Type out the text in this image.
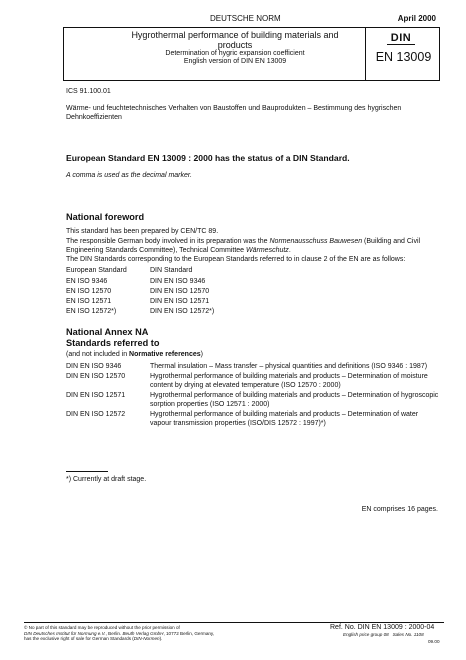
DEUTSCHE NORM	April 2000
Hygrothermal performance of building materials and
products
Determination of hygric expansion coefficient
English version of DIN EN 13009
DIN
EN 13009
ICS 91.100.01
Wärme- und feuchtetechnisches Verhalten von Baustoffen und Bauprodukten – Bestimmung des hygrischen Dehnkoeffizienten
European Standard EN 13009 : 2000 has the status of a DIN Standard.
A comma is used as the decimal marker.
National foreword
This standard has been prepared by CEN/TC 89.
The responsible German body involved in its preparation was the Normenausschuss Bauwesen (Building and Civil Engineering Standards Committee), Technical Committee Wärmeschutz.
The DIN Standards corresponding to the European Standards referred to in clause 2 of the EN are as follows:
European Standard	DIN Standard
EN ISO 9346	DIN EN ISO 9346
EN ISO 12570	DIN EN ISO 12570
EN ISO 12571	DIN EN ISO 12571
EN ISO 12572*)	DIN EN ISO 12572*)
National Annex NA
Standards referred to
(and not included in Normative references)
DIN EN ISO 9346	Thermal insulation – Mass transfer – physical quantities and definitions (ISO 9346 : 1987)
DIN EN ISO 12570	Hygrothermal performance of building materials and products – Determination of moisture content by drying at elevated temperature (ISO 12570 : 2000)
DIN EN ISO 12571	Hygrothermal performance of building materials and products – Determination of hygroscopic sorption properties (ISO 12571 : 2000)
DIN EN ISO 12572	Hygrothermal performance of building materials and products – Determination of water vapour transmission properties (ISO/DIS 12572 : 1997)*)
*) Currently at draft stage.
EN comprises 16 pages.
© No part of this standard may be reproduced without the prior permission of
DIN Deutsches Institut für Normung e.V., Berlin. Beuth Verlag GmbH, 10772 Berlin, Germany,
has the exclusive right of sale for German Standards (DIN-Normen).
Ref. No. DIN EN 13009 : 2000-04
English price group 08 Sales No. 1108
09.00
